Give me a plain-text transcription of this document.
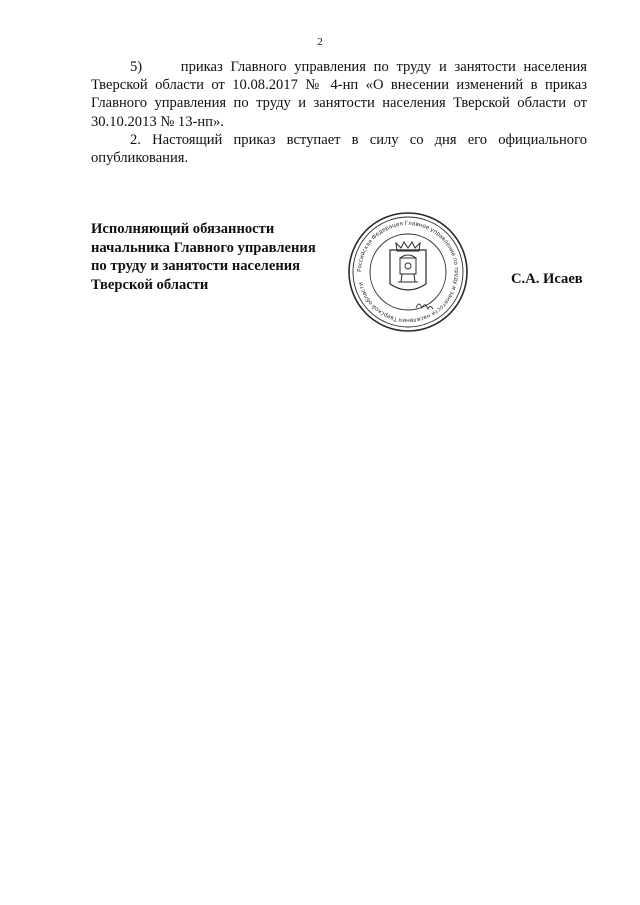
2

5)     приказ Главного управления по труду и занятости населения Тверской области от 10.08.2017 № 4-нп «О внесении изменений в приказ Главного управления по труду и занятости населения Тверской области от 30.10.2013 № 13-нп».

2. Настоящий приказ вступает в силу со дня его официального опубликования.

Исполняющий обязанности
начальника Главного управления
по труду и занятости населения
Тверской области
Российская Федерация Главное управление по труду и занятости населения Тверской области	С.А. Исаев
